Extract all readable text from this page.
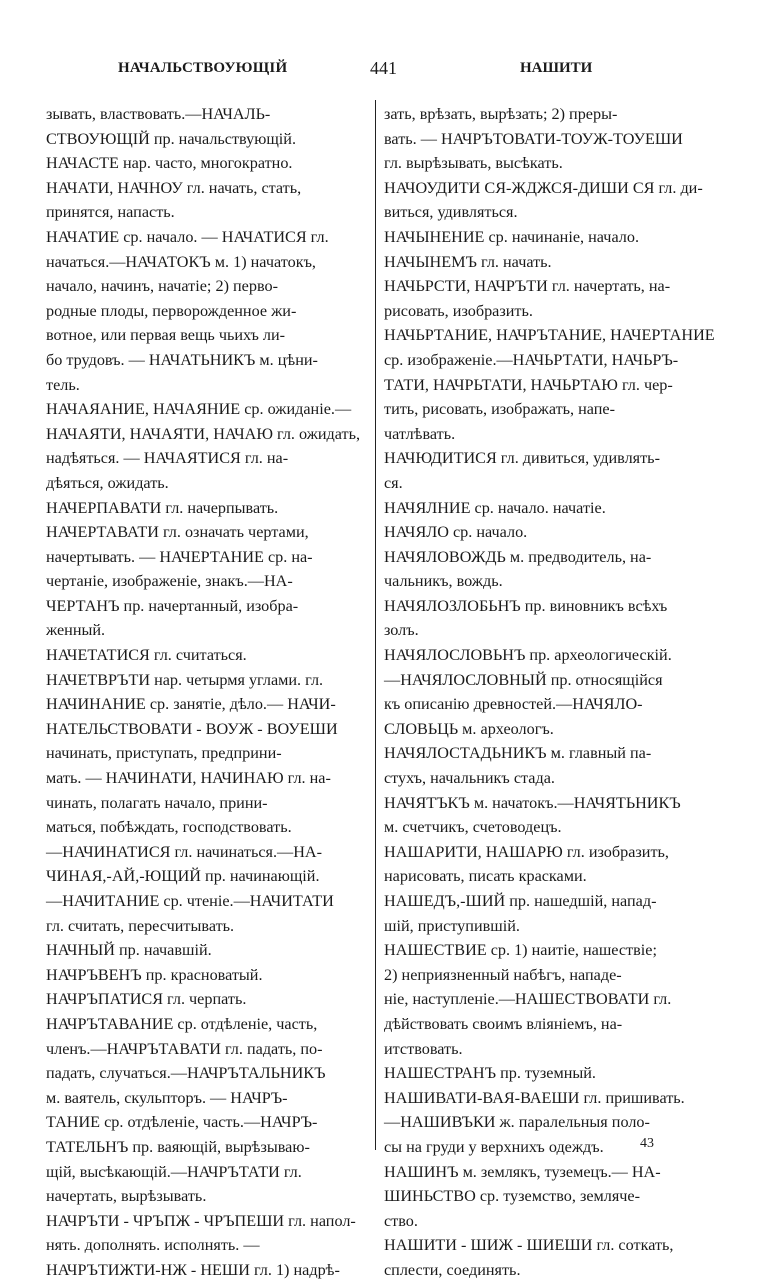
НАЧАЛЬСТВОУЮЩІЙ	441	НАШИТИ
зывать, властвовать.—НАЧАЛЬ-
СТВОУЮЩІЙ пр. начальствующій.
НАЧАСТЕ нар. часто, многократно.
НАЧАТИ, НАЧНОУ гл. начать, стать,
принятся, напасть.
НАЧАТИЕ ср. начало. — НАЧАТИСЯ гл.
начаться.—НАЧАТОКЪ м. 1) начатокъ,
начало, начинъ, начатіе; 2) перво-
родные плоды, перворожденное жи-
вотное, или первая вещь чьихъ ли-
бо трудовъ. — НАЧАТЬНИКЪ м. цѣни-
тель.
НАЧАЯАНИЕ, НАЧАЯНИЕ ср. ожиданіе.—
НАЧАЯТИ, НАЧАЯТИ, НАЧАЮ гл. ожидать,
надѣяться. — НАЧАЯТИСЯ гл. на-
дѣяться, ожидать.
НАЧЕРПАВАТИ гл. начерпывать.
НАЧЕРТАВАТИ гл. означать чертами,
начертывать. — НАЧЕРТАНИЕ ср. на-
чертаніе, изображеніе, знакъ.—НА-
ЧЕРТАНЪ пр. начертанный, изобра-
женный.
НАЧЕТАТИСЯ гл. считаться.
НАЧЕТВРЪТИ нар. четырмя углами. гл.
НАЧИНАНИЕ ср. занятіе, дѣло.— НАЧИ-
НАТЕЛЬСТВОВАТИ - ВОУЖ - ВОУЕШИ
начинать, приступать, предприни-
мать. — НАЧИНАТИ, НАЧИНАЮ гл. на-
чинать, полагать начало, прини-
маться, побѣждать, господствовать.
—НАЧИНАТИСЯ гл. начинаться.—НА-
ЧИНАЯ,-АЙ,-ЮЩИЙ пр. начинающій.
—НАЧИТАНИЕ ср. чтеніе.—НАЧИТАТИ
гл. считать, пересчитывать.
НАЧНЫЙ пр. начавшій.
НАЧРЪВЕНЪ пр. красноватый.
НАЧРЪПАТИСЯ гл. черпать.
НАЧРЪТАВАНИЕ ср. отдѣленіе, часть,
членъ.—НАЧРЪТАВАТИ гл. падать, по-
падать, случаться.—НАЧРЪТАЛЬНИКЪ
м. ваятель, скульпторъ. — НАЧРЪ-
ТАНИЕ ср. отдѣленіе, часть.—НАЧРЪ-
ТАТЕЛЬНЪ пр. ваяющій, вырѣзываю-
щій, высѣкающій.—НАЧРЪТАТИ гл.
начертать, вырѣзывать.
НАЧРЪТИ - ЧРЪПЖ - ЧРЪПЕШИ гл. напол-
нять. дополнять. исполнять. —
НАЧРЪТИЖТИ-НЖ - НЕШИ гл. 1) надрѣ-
зать, врѣзать, вырѣзать; 2) преры-
вать. — НАЧРЪТОВАТИ-ТОУЖ-ТОУЕШИ
гл. вырѣзывать, высѣкать.
НАЧОУДИТИ СЯ-ЖДЖСЯ-ДИШИ СЯ гл. ди-
виться, удивляться.
НАЧЫНЕНИЕ ср. начинаніе, начало.
НАЧЫНЕМЪ гл. начать.
НАЧЬРСТИ, НАЧРЪТИ гл. начертать, на-
рисовать, изобразить.
НАЧЬРТАНИЕ, НАЧРЪТАНИЕ, НАЧЕРТАНИЕ
ср. изображеніе.—НАЧЬРТАТИ, НАЧЬРЪ-
ТАТИ, НАЧРЬТАТИ, НАЧЬРТАЮ гл. чер-
тить, рисовать, изображать, напе-
чатлѣвать.
НАЧЮДИТИСЯ гл. дивиться, удивлять-
ся.
НАЧЯЛНИЕ ср. начало. начатіе.
НАЧЯЛО ср. начало.
НАЧЯЛОВОЖДЬ м. предводитель, на-
чальникъ, вождь.
НАЧЯЛОЗЛОБЬНЪ пр. виновникъ всѣхъ
золъ.
НАЧЯЛОСЛОВЬНЪ пр. археологическій.
—НАЧЯЛОСЛОВНЫЙ пр. относящійся
къ описанію древностей.—НАЧЯЛО-
СЛОВЬЦЬ м. археологъ.
НАЧЯЛОСТАДЬНИКЪ м. главный па-
стухъ, начальникъ стада.
НАЧЯТЪКЪ м. начатокъ.—НАЧЯТЬНИКЪ
м. счетчикъ, счетоводецъ.
НАШАРИТИ, НАШАРЮ гл. изобразить,
нарисовать, писать красками.
НАШЕДЪ,-ШИЙ пр. нашедшій, напад-
шій, приступившій.
НАШЕСТВИЕ ср. 1) наитіе, нашествіе;
2) неприязненный набѣгъ, нападе-
ніе, наступленіе.—НАШЕСТВОВАТИ гл.
дѣйствовать своимъ вліяніемъ, на-
итствовать.
НАШЕСТРАНЪ пр. туземный.
НАШИВАТИ-ВАЯ-ВАЕШИ гл. пришивать.
—НАШИВЪКИ ж. паралельныя поло-
сы на груди у верхнихъ одеждъ.
НАШИНЪ м. землякъ, туземецъ.— НА-
ШИНЬСТВО ср. туземство, земляче-
ство.
НАШИТИ - ШИЖ - ШИЕШИ гл. соткать,
сплести, соединять.
43
